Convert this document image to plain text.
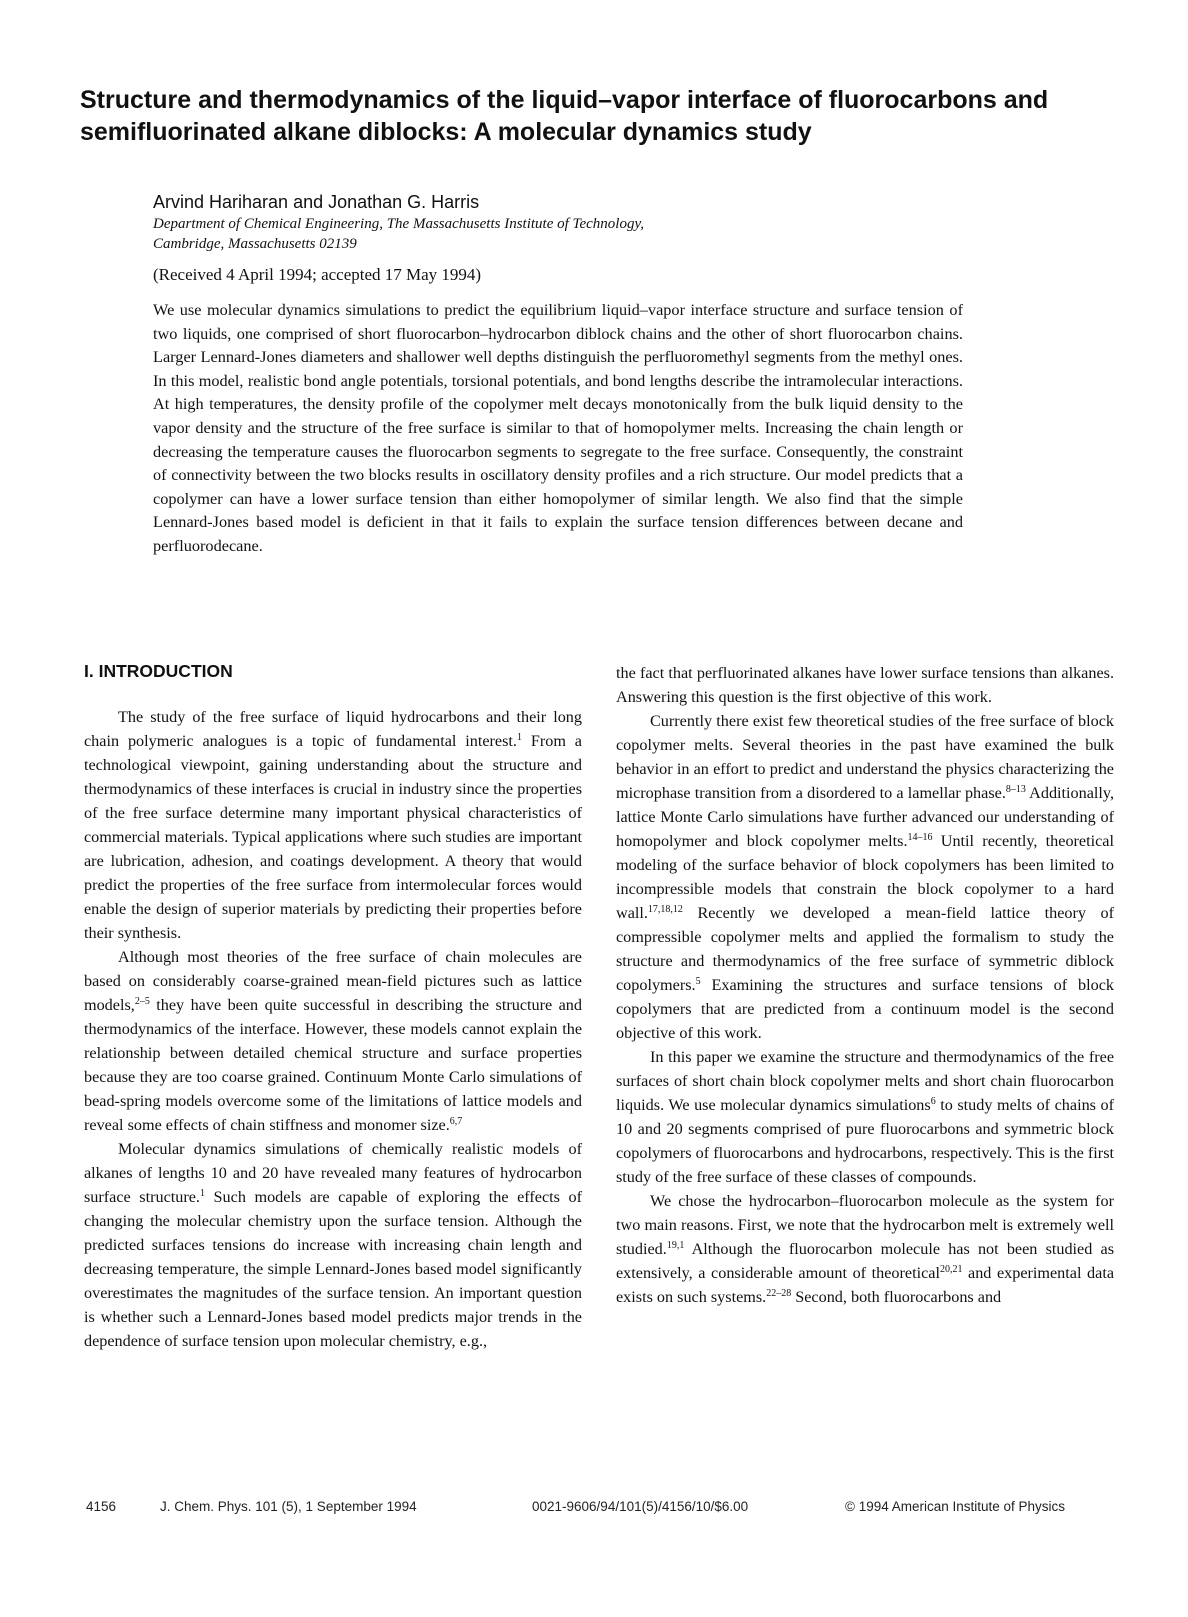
Structure and thermodynamics of the liquid–vapor interface of fluorocarbons and semifluorinated alkane diblocks: A molecular dynamics study
Arvind Hariharan and Jonathan G. Harris
Department of Chemical Engineering, The Massachusetts Institute of Technology,
Cambridge, Massachusetts 02139
(Received 4 April 1994; accepted 17 May 1994)

We use molecular dynamics simulations to predict the equilibrium liquid–vapor interface structure and surface tension of two liquids, one comprised of short fluorocarbon–hydrocarbon diblock chains and the other of short fluorocarbon chains. Larger Lennard-Jones diameters and shallower well depths distinguish the perfluoromethyl segments from the methyl ones. In this model, realistic bond angle potentials, torsional potentials, and bond lengths describe the intramolecular interactions. At high temperatures, the density profile of the copolymer melt decays monotonically from the bulk liquid density to the vapor density and the structure of the free surface is similar to that of homopolymer melts. Increasing the chain length or decreasing the temperature causes the fluorocarbon segments to segregate to the free surface. Consequently, the constraint of connectivity between the two blocks results in oscillatory density profiles and a rich structure. Our model predicts that a copolymer can have a lower surface tension than either homopolymer of similar length. We also find that the simple Lennard-Jones based model is deficient in that it fails to explain the surface tension differences between decane and perfluorodecane.

I. INTRODUCTION

The study of the free surface of liquid hydrocarbons and their long chain polymeric analogues is a topic of fundamental interest.$^1$ From a technological viewpoint, gaining understanding about the structure and thermodynamics of these interfaces is crucial in industry since the properties of the free surface determine many important physical characteristics of commercial materials. Typical applications where such studies are important are lubrication, adhesion, and coatings development. A theory that would predict the properties of the free surface from intermolecular forces would enable the design of superior materials by predicting their properties before their synthesis.

Although most theories of the free surface of chain molecules are based on considerably coarse-grained mean-field pictures such as lattice models,$^{2-5}$ they have been quite successful in describing the structure and thermodynamics of the interface. However, these models cannot explain the relationship between detailed chemical structure and surface properties because they are too coarse grained. Continuum Monte Carlo simulations of bead-spring models overcome some of the limitations of lattice models and reveal some effects of chain stiffness and monomer size.$^{6,7}$

Molecular dynamics simulations of chemically realistic models of alkanes of lengths 10 and 20 have revealed many features of hydrocarbon surface structure.$^1$ Such models are capable of exploring the effects of changing the molecular chemistry upon the surface tension. Although the predicted surfaces tensions do increase with increasing chain length and decreasing temperature, the simple Lennard-Jones based model significantly overestimates the magnitudes of the surface tension. An important question is whether such a Lennard-Jones based model predicts major trends in the dependence of surface tension upon molecular chemistry, e.g.,

the fact that perfluorinated alkanes have lower surface tensions than alkanes. Answering this question is the first objective of this work.

Currently there exist few theoretical studies of the free surface of block copolymer melts. Several theories in the past have examined the bulk behavior in an effort to predict and understand the physics characterizing the microphase transition from a disordered to a lamellar phase.$^{8-13}$ Additionally, lattice Monte Carlo simulations have further advanced our understanding of homopolymer and block copolymer melts.$^{14-16}$ Until recently, theoretical modeling of the surface behavior of block copolymers has been limited to incompressible models that constrain the block copolymer to a hard wall.$^{17,18,12}$ Recently we developed a mean-field lattice theory of compressible copolymer melts and applied the formalism to study the structure and thermodynamics of the free surface of symmetric diblock copolymers.$^5$ Examining the structures and surface tensions of block copolymers that are predicted from a continuum model is the second objective of this work.

In this paper we examine the structure and thermodynamics of the free surfaces of short chain block copolymer melts and short chain fluorocarbon liquids. We use molecular dynamics simulations$^6$ to study melts of chains of 10 and 20 segments comprised of pure fluorocarbons and symmetric block copolymers of fluorocarbons and hydrocarbons, respectively. This is the first study of the free surface of these classes of compounds.

We chose the hydrocarbon–fluorocarbon molecule as the system for two main reasons. First, we note that the hydrocarbon melt is extremely well studied.$^{19,1}$ Although the fluorocarbon molecule has not been studied as extensively, a considerable amount of theoretical$^{20,21}$ and experimental data exists on such systems.$^{22-28}$ Second, both fluorocarbons and

4156	J. Chem. Phys. 101 (5), 1 September 1994	0021-9606/94/101(5)/4156/10/$6.00	© 1994 American Institute of Physics
